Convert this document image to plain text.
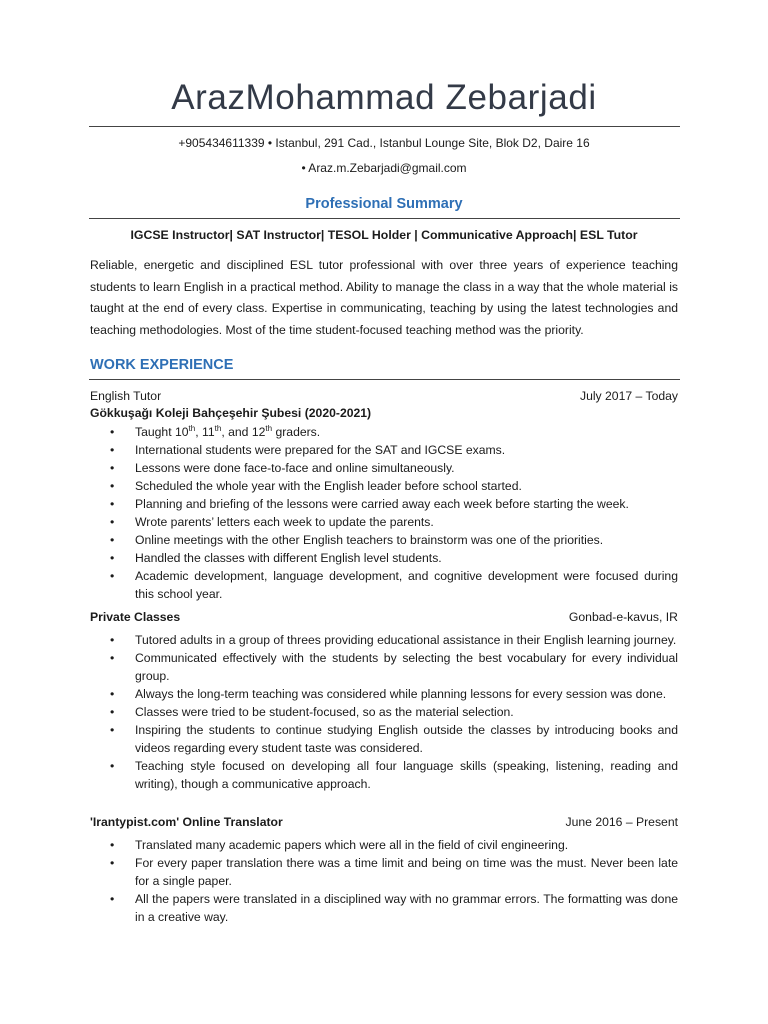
ArazMohammad Zebarjadi
+905434611339 • Istanbul, 291 Cad., Istanbul Lounge Site, Blok D2, Daire 16
• Araz.m.Zebarjadi@gmail.com
Professional Summary
IGCSE Instructor| SAT Instructor| TESOL Holder | Communicative Approach| ESL Tutor

Reliable, energetic and disciplined ESL tutor professional with over three years of experience teaching students to learn English in a practical method. Ability to manage the class in a way that the whole material is taught at the end of every class. Expertise in communicating, teaching by using the latest technologies and teaching methodologies. Most of the time student-focused teaching method was the priority.

WORK EXPERIENCE
English Tutor	July 2017 – Today
Gökkuşağı Koleji Bahçeşehir Şubesi (2020-2021)
• Taught 10th, 11th, and 12th graders.
• International students were prepared for the SAT and IGCSE exams.
• Lessons were done face-to-face and online simultaneously.
• Scheduled the whole year with the English leader before school started.
• Planning and briefing of the lessons were carried away each week before starting the week.
• Wrote parents’ letters each week to update the parents.
• Online meetings with the other English teachers to brainstorm was one of the priorities.
• Handled the classes with different English level students.
• Academic development, language development, and cognitive development were focused during this school year.
Private Classes	Gonbad-e-kavus, IR
• Tutored adults in a group of threes providing educational assistance in their English learning journey.
• Communicated effectively with the students by selecting the best vocabulary for every individual group.
• Always the long-term teaching was considered while planning lessons for every session was done.
• Classes were tried to be student-focused, so as the material selection.
• Inspiring the students to continue studying English outside the classes by introducing books and videos regarding every student taste was considered.
• Teaching style focused on developing all four language skills (speaking, listening, reading and writing), though a communicative approach.
'Irantypist.com' Online Translator	June 2016 – Present
• Translated many academic papers which were all in the field of civil engineering.
• For every paper translation there was a time limit and being on time was the must. Never been late for a single paper.
• All the papers were translated in a disciplined way with no grammar errors. The formatting was done in a creative way.
